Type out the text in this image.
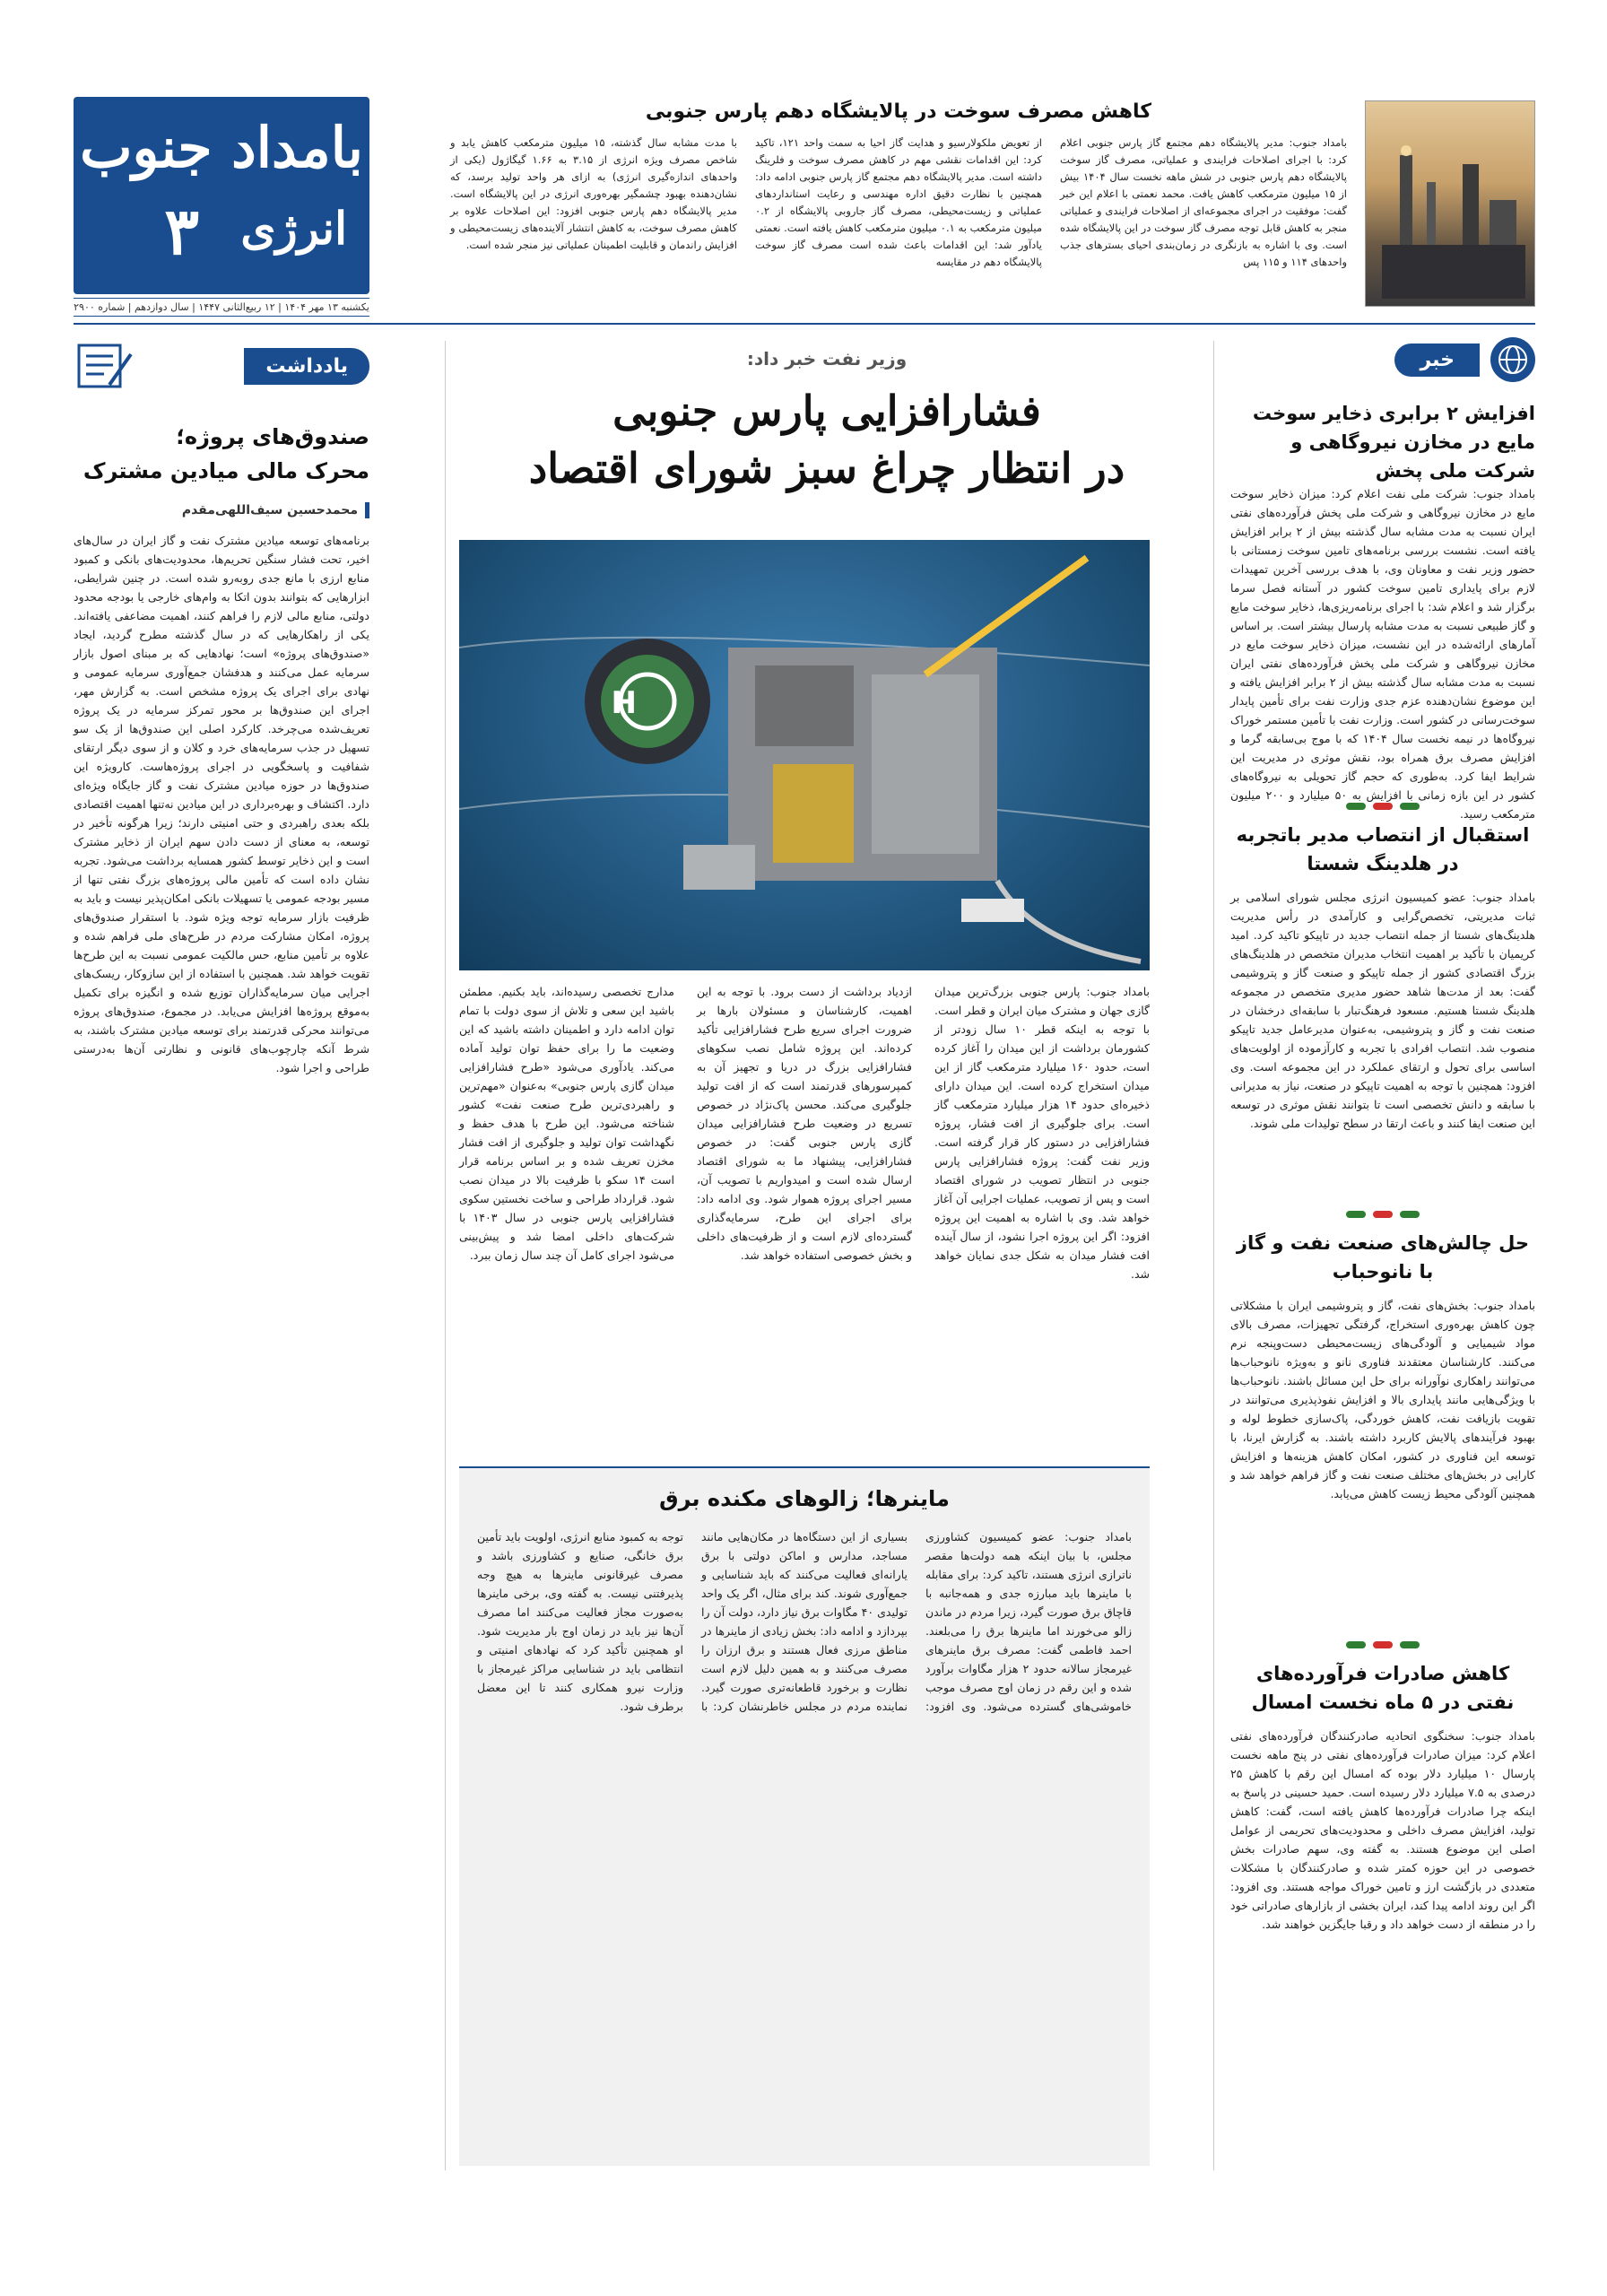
بامداد جنوب
۳ انرژی
یکشنبه ۱۳ مهر ۱۴۰۴ | ۱۲ ربیع‌الثانی ۱۴۴۷ | سال دوازدهم | شماره ۲۹۰۰
کاهش مصرف سوخت در پالایشگاه دهم پارس جنوبی
بامداد جنوب: مدیر پالایشگاه دهم مجتمع گاز پارس جنوبی اعلام کرد: با اجرای اصلاحات فرایندی و عملیاتی، مصرف گاز سوخت پالایشگاه دهم پارس جنوبی در شش ماهه نخست سال ۱۴۰۴ بیش از ۱۵ میلیون مترمکعب کاهش یافت. محمد نعمتی با اعلام این خبر گفت: موفقیت در اجرای مجموعه‌ای از اصلاحات فرایندی و عملیاتی منجر به کاهش قابل توجه مصرف گاز سوخت در این پالایشگاه شده است. وی با اشاره به بازنگری در زمان‌بندی احیای بسترهای جذب واحدهای ۱۱۴ و ۱۱۵ پس
از تعویض ملکولارسیو و هدایت گاز احیا به سمت واحد ۱۲۱، تاکید کرد: این اقدامات نقشی مهم در کاهش مصرف سوخت و فلرینگ داشته است. مدیر پالایشگاه دهم مجتمع گاز پارس جنوبی ادامه داد: همچنین با نظارت دقیق اداره مهندسی و رعایت استانداردهای عملیاتی و زیست‌محیطی، مصرف گاز جاروبی پالایشگاه از ۰.۲ میلیون مترمکعب به ۰.۱ میلیون مترمکعب کاهش یافته است. نعمتی یادآور شد: این اقدامات باعث شده است مصرف گاز سوخت پالایشگاه دهم در مقایسه
با مدت مشابه سال گذشته، ۱۵ میلیون مترمکعب کاهش یابد و شاخص مصرف ویژه انرژی از ۳.۱۵ به ۱.۶۶ گیگاژول (یکی از واحدهای اندازه‌گیری انرژی) به ازای هر واحد تولید برسد، که نشان‌دهنده بهبود چشمگیر بهره‌وری انرژی در این پالایشگاه است. مدیر پالایشگاه دهم پارس جنوبی افزود: این اصلاحات علاوه بر کاهش مصرف سوخت، به کاهش انتشار آلاینده‌های زیست‌محیطی و افزایش راندمان و قابلیت اطمینان عملیاتی نیز منجر شده است.
خبر
افزایش ۲ برابری ذخایر سوخت مایع در مخازن نیروگاهی و شرکت ملی پخش
بامداد جنوب: شرکت ملی نفت اعلام کرد: میزان ذخایر سوخت مایع در مخازن نیروگاهی و شرکت ملی پخش فرآورده‌های نفتی ایران نسبت به مدت مشابه سال گذشته بیش از ۲ برابر افزایش یافته است. نشست بررسی برنامه‌های تامین سوخت زمستانی با حضور وزیر نفت و معاونان وی، با هدف بررسی آخرین تمهیدات لازم برای پایداری تامین سوخت کشور در آستانه فصل سرما برگزار شد و اعلام شد: با اجرای برنامه‌ریزی‌ها، ذخایر سوخت مایع و گاز طبیعی نسبت به مدت مشابه پارسال بیشتر است. بر اساس آمارهای ارائه‌شده در این نشست، میزان ذخایر سوخت مایع در مخازن نیروگاهی و شرکت ملی پخش فرآورده‌های نفتی ایران نسبت به مدت مشابه سال گذشته بیش از ۲ برابر افزایش یافته و این موضوع نشان‌دهنده عزم جدی وزارت نفت برای تأمین پایدار سوخت‌رسانی در کشور است. وزارت نفت با تأمین مستمر خوراک نیروگاه‌ها در نیمه نخست سال ۱۴۰۴ که با موج بی‌سابقه گرما و افزایش مصرف برق همراه بود، نقش موثری در مدیریت این شرایط ایفا کرد. به‌طوری که حجم گاز تحویلی به نیروگاه‌های کشور در این بازه زمانی با افزایش به ۵۰ میلیارد و ۲۰۰ میلیون مترمکعب رسید.
استقبال از انتصاب مدیر باتجربه در هلدینگ شستا
بامداد جنوب: عضو کمیسیون انرژی مجلس شورای اسلامی بر ثبات مدیریتی، تخصص‌گرایی و کارآمدی در رأس مدیریت هلدینگ‌های شستا از جمله انتصاب جدید در تاپیکو تاکید کرد. امید کریمیان با تأکید بر اهمیت انتخاب مدیران متخصص در هلدینگ‌های بزرگ اقتصادی کشور از جمله تاپیکو و صنعت گاز و پتروشیمی گفت: بعد از مدت‌ها شاهد حضور مدیری متخصص در مجموعه هلدینگ شستا هستیم. مسعود فرهنگ‌تبار با سابقه‌ای درخشان در صنعت نفت و گاز و پتروشیمی، به‌عنوان مدیرعامل جدید تاپیکو منصوب شد. انتصاب افرادی با تجربه و کارآزموده از اولویت‌های اساسی برای تحول و ارتقای عملکرد در این مجموعه است. وی افزود: همچنین با توجه به اهمیت تاپیکو در صنعت، نیاز به مدیرانی با سابقه و دانش تخصصی است تا بتوانند نقش موثری در توسعه این صنعت ایفا کنند و باعث ارتقا در سطح تولیدات ملی شوند.
حل چالش‌های صنعت نفت و گاز با نانوحباب
بامداد جنوب: بخش‌های نفت، گاز و پتروشیمی ایران با مشکلاتی چون کاهش بهره‌وری استخراج، گرفتگی تجهیزات، مصرف بالای مواد شیمیایی و آلودگی‌های زیست‌محیطی دست‌وپنجه نرم می‌کنند. کارشناسان معتقدند فناوری نانو و به‌ویژه نانوحباب‌ها می‌توانند راهکاری نوآورانه برای حل این مسائل باشند. نانوحباب‌ها با ویژگی‌هایی مانند پایداری بالا و افزایش نفوذپذیری می‌توانند در تقویت بازیافت نفت، کاهش خوردگی، پاک‌سازی خطوط لوله و بهبود فرآیندهای پالایش کاربرد داشته باشند. به گزارش ایرنا، با توسعه این فناوری در کشور، امکان کاهش هزینه‌ها و افزایش کارایی در بخش‌های مختلف صنعت نفت و گاز فراهم خواهد شد و همچنین آلودگی محیط زیست کاهش می‌یابد.
کاهش صادرات فرآورده‌های نفتی در ۵ ماه نخست امسال
بامداد جنوب: سخنگوی اتحادیه صادرکنندگان فرآورده‌های نفتی اعلام کرد: میزان صادرات فرآورده‌های نفتی در پنج ماهه نخست پارسال ۱۰ میلیارد دلار بوده که امسال این رقم با کاهش ۲۵ درصدی به ۷.۵ میلیارد دلار رسیده است. حمید حسینی در پاسخ به اینکه چرا صادرات فرآورده‌ها کاهش یافته است، گفت: کاهش تولید، افزایش مصرف داخلی و محدودیت‌های تحریمی از عوامل اصلی این موضوع هستند. به گفته وی، سهم صادرات بخش خصوصی در این حوزه کمتر شده و صادرکنندگان با مشکلات متعددی در بازگشت ارز و تامین خوراک مواجه هستند. وی افزود: اگر این روند ادامه پیدا کند، ایران بخشی از بازارهای صادراتی خود را در منطقه از دست خواهد داد و رقبا جایگزین خواهند شد.
وزیر نفت خبر داد:
فشارافزایی پارس جنوبی
در انتظار چراغ سبز شورای اقتصاد
H
بامداد جنوب: پارس جنوبی بزرگ‌ترین میدان گازی جهان و مشترک میان ایران و قطر است. با توجه به اینکه قطر ۱۰ سال زودتر از کشورمان برداشت از این میدان را آغاز کرده است، حدود ۱۶۰ میلیارد مترمکعب گاز از این میدان استخراج کرده است. این میدان دارای ذخیره‌ای حدود ۱۴ هزار میلیارد مترمکعب گاز است. برای جلوگیری از افت فشار، پروژه فشارافزایی در دستور کار قرار گرفته است. وزیر نفت گفت: پروژه فشارافزایی پارس جنوبی در انتظار تصویب در شورای اقتصاد است و پس از تصویب، عملیات اجرایی آن آغاز خواهد شد. وی با اشاره به اهمیت این پروژه افزود: اگر این پروژه اجرا نشود، از سال آینده افت فشار میدان به شکل جدی نمایان خواهد شد.
ازدیاد برداشت از دست برود. با توجه به این اهمیت، کارشناسان و مسئولان بارها بر ضرورت اجرای سریع طرح فشارافزایی تأکید کرده‌اند. این پروژه شامل نصب سکوهای فشارافزایی بزرگ در دریا و تجهیز آن به کمپرسورهای قدرتمند است که از افت تولید جلوگیری می‌کند. محسن پاک‌نژاد در خصوص تسریع در وضعیت طرح فشارافزایی میدان گازی پارس جنوبی گفت: در خصوص فشارافزایی، پیشنهاد ما به شورای اقتصاد ارسال شده است و امیدواریم با تصویب آن، مسیر اجرای پروژه هموار شود. وی ادامه داد: برای اجرای این طرح، سرمایه‌گذاری گسترده‌ای لازم است و از ظرفیت‌های داخلی و بخش خصوصی استفاده خواهد شد.
مدارج تخصصی رسیده‌اند، باید بکنیم. مطمئن باشید این سعی و تلاش از سوی دولت با تمام توان ادامه دارد و اطمینان داشته باشید که این وضعیت ما را برای حفظ توان تولید آماده می‌کند. یادآوری می‌شود «طرح فشارافزایی میدان گازی پارس جنوبی» به‌عنوان «مهم‌ترین و راهبردی‌ترین طرح صنعت نفت» کشور شناخته می‌شود. این طرح با هدف حفظ و نگهداشت توان تولید و جلوگیری از افت فشار مخزن تعریف شده و بر اساس برنامه قرار است ۱۴ سکو با ظرفیت بالا در میدان نصب شود. قرارداد طراحی و ساخت نخستین سکوی فشارافزایی پارس جنوبی در سال ۱۴۰۳ با شرکت‌های داخلی امضا شد و پیش‌بینی می‌شود اجرای کامل آن چند سال زمان ببرد.
ماینرها؛ زالوهای مکنده برق
بامداد جنوب: عضو کمیسیون کشاورزی مجلس، با بیان اینکه همه دولت‌ها مقصر ناترازی انرژی هستند، تاکید کرد: برای مقابله با ماینرها باید مبارزه جدی و همه‌جانبه با قاچاق برق صورت گیرد، زیرا مردم در ماندن زالو می‌خورند اما ماینرها برق را می‌بلعند. احمد فاطمی گفت: مصرف برق ماینرهای غیرمجاز سالانه حدود ۲ هزار مگاوات برآورد شده و این رقم در زمان اوج مصرف موجب خاموشی‌های گسترده می‌شود. وی افزود: بسیاری از این دستگاه‌ها در مکان‌هایی مانند مساجد، مدارس و اماکن دولتی با برق یارانه‌ای فعالیت می‌کنند که باید شناسایی و جمع‌آوری شوند. کند برای مثال، اگر یک واحد تولیدی ۴۰ مگاوات برق نیاز دارد، دولت آن را بپردازد و ادامه داد: بخش زیادی از ماینرها در مناطق مرزی فعال هستند و برق ارزان را مصرف می‌کنند و به همین دلیل لازم است نظارت و برخورد قاطعانه‌تری صورت گیرد. نماینده مردم در مجلس خاطرنشان کرد: با توجه به کمبود منابع انرژی، اولویت باید تأمین برق خانگی، صنایع و کشاورزی باشد و مصرف غیرقانونی ماینرها به هیچ وجه پذیرفتنی نیست. به گفته وی، برخی ماینرها به‌صورت مجاز فعالیت می‌کنند اما مصرف آن‌ها نیز باید در زمان اوج بار مدیریت شود. او همچنین تأکید کرد که نهادهای امنیتی و انتظامی باید در شناسایی مراکز غیرمجاز با وزارت نیرو همکاری کنند تا این معضل برطرف شود.
یادداشت
صندوق‌های پروژه؛
محرک مالی میادین مشترک
محمدحسین سیف‌اللهی‌مقدم
برنامه‌های توسعه میادین مشترک نفت و گاز ایران در سال‌های اخیر، تحت فشار سنگین تحریم‌ها، محدودیت‌های بانکی و کمبود منابع ارزی با مانع جدی روبه‌رو شده است. در چنین شرایطی، ابزارهایی که بتوانند بدون اتکا به وام‌های خارجی یا بودجه محدود دولتی، منابع مالی لازم را فراهم کنند، اهمیت مضاعفی یافته‌اند. یکی از راهکارهایی که در سال گذشته مطرح گردید، ایجاد «صندوق‌های پروژه» است؛ نهادهایی که بر مبنای اصول بازار سرمایه عمل می‌کنند و هدفشان جمع‌آوری سرمایه عمومی و نهادی برای اجرای یک پروژه مشخص است. به گزارش مهر، اجرای این صندوق‌ها بر محور تمرکز سرمایه در یک پروژه تعریف‌شده می‌چرخد. کارکرد اصلی این صندوق‌ها از یک سو تسهیل در جذب سرمایه‌های خرد و کلان و از سوی دیگر ارتقای شفافیت و پاسخگویی در اجرای پروژه‌هاست. کارویژه این صندوق‌ها در حوزه میادین مشترک نفت و گاز جایگاه ویژه‌ای دارد. اکتشاف و بهره‌برداری در این میادین نه‌تنها اهمیت اقتصادی بلکه بعدی راهبردی و حتی امنیتی دارند؛ زیرا هرگونه تأخیر در توسعه، به معنای از دست دادن سهم ایران از ذخایر مشترک است و این ذخایر توسط کشور همسایه برداشت می‌شود. تجربه نشان داده است که تأمین مالی پروژه‌های بزرگ نفتی تنها از مسیر بودجه عمومی یا تسهیلات بانکی امکان‌پذیر نیست و باید به ظرفیت بازار سرمایه توجه ویژه شود. با استقرار صندوق‌های پروژه، امکان مشارکت مردم در طرح‌های ملی فراهم شده و علاوه بر تأمین منابع، حس مالکیت عمومی نسبت به این طرح‌ها تقویت خواهد شد. همچنین با استفاده از این سازوکار، ریسک‌های اجرایی میان سرمایه‌گذاران توزیع شده و انگیزه برای تکمیل به‌موقع پروژه‌ها افزایش می‌یابد. در مجموع، صندوق‌های پروژه می‌توانند محرکی قدرتمند برای توسعه میادین مشترک باشند، به شرط آنکه چارچوب‌های قانونی و نظارتی آن‌ها به‌درستی طراحی و اجرا شود.
